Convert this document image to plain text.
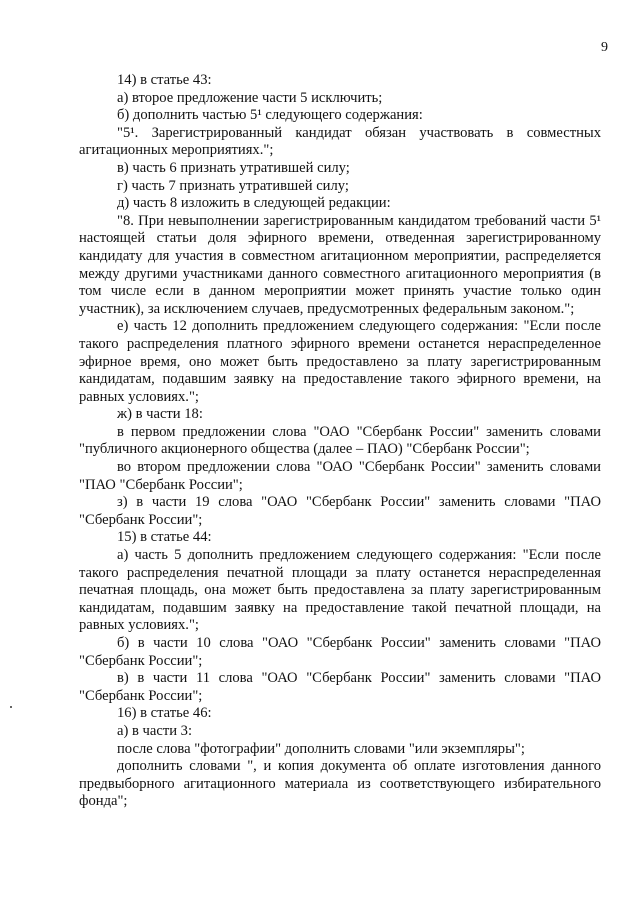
9

14) в статье 43:

а) второе предложение части 5 исключить;

б) дополнить частью 5¹ следующего содержания:

"5¹. Зарегистрированный кандидат обязан участвовать в совместных агитационных мероприятиях.";

в) часть 6 признать утратившей силу;

г) часть 7 признать утратившей силу;

д) часть 8 изложить в следующей редакции:

"8. При невыполнении зарегистрированным кандидатом требований части 5¹ настоящей статьи доля эфирного времени, отведенная зарегистрированному кандидату для участия в совместном агитационном мероприятии, распределяется между другими участниками данного совместного агитационного мероприятия (в том числе если в данном мероприятии может принять участие только один участник), за исключением случаев, предусмотренных федеральным законом.";

е) часть 12 дополнить предложением следующего содержания: "Если после такого распределения платного эфирного времени останется нераспределенное эфирное время, оно может быть предоставлено за плату зарегистрированным кандидатам, подавшим заявку на предоставление такого эфирного времени, на равных условиях.";

ж) в части 18:

в первом предложении слова "ОАО "Сбербанк России" заменить словами "публичного акционерного общества (далее – ПАО) "Сбербанк России";

во втором предложении слова "ОАО "Сбербанк России" заменить словами "ПАО "Сбербанк России";

з) в части 19 слова "ОАО "Сбербанк России" заменить словами "ПАО "Сбербанк России";

15) в статье 44:

а) часть 5 дополнить предложением следующего содержания: "Если после такого распределения печатной площади за плату останется нераспределенная печатная площадь, она может быть предоставлена за плату зарегистрированным кандидатам, подавшим заявку на предоставление такой печатной площади, на равных условиях.";

б) в части 10 слова "ОАО "Сбербанк России" заменить словами "ПАО "Сбербанк России";

в) в части 11 слова "ОАО "Сбербанк России" заменить словами "ПАО "Сбербанк России";

16) в статье 46:

а) в части 3:

после слова "фотографии" дополнить словами "или экземпляры";

дополнить словами ", и копия документа об оплате изготовления данного предвыборного агитационного материала из соответствующего избирательного фонда";
